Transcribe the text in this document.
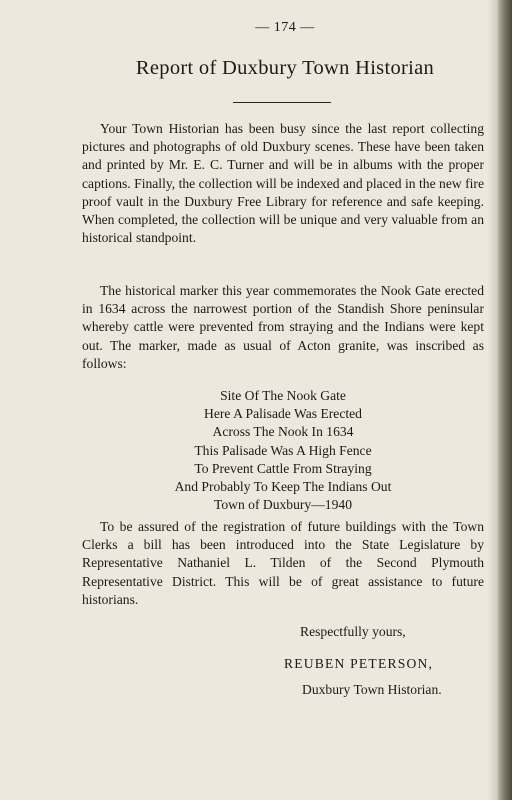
— 174 —
Report of Duxbury Town Historian
Your Town Historian has been busy since the last report collecting pictures and photographs of old Duxbury scenes. These have been taken and printed by Mr. E. C. Turner and will be in albums with the proper captions. Finally, the collection will be indexed and placed in the new fire proof vault in the Duxbury Free Library for reference and safe keeping. When completed, the collection will be unique and very valuable from an historical standpoint.
The historical marker this year commemorates the Nook Gate erected in 1634 across the narrowest portion of the Standish Shore peninsular whereby cattle were prevented from straying and the Indians were kept out. The marker, made as usual of Acton granite, was inscribed as follows:
Site Of The Nook Gate
Here A Palisade Was Erected
Across The Nook In 1634
This Palisade Was A High Fence
To Prevent Cattle From Straying
And Probably To Keep The Indians Out
Town of Duxbury—1940
To be assured of the registration of future buildings with the Town Clerks a bill has been introduced into the State Legislature by Representative Nathaniel L. Tilden of the Second Plymouth Representative District. This will be of great assistance to future historians.
Respectfully yours,
REUBEN PETERSON,
Duxbury Town Historian.
